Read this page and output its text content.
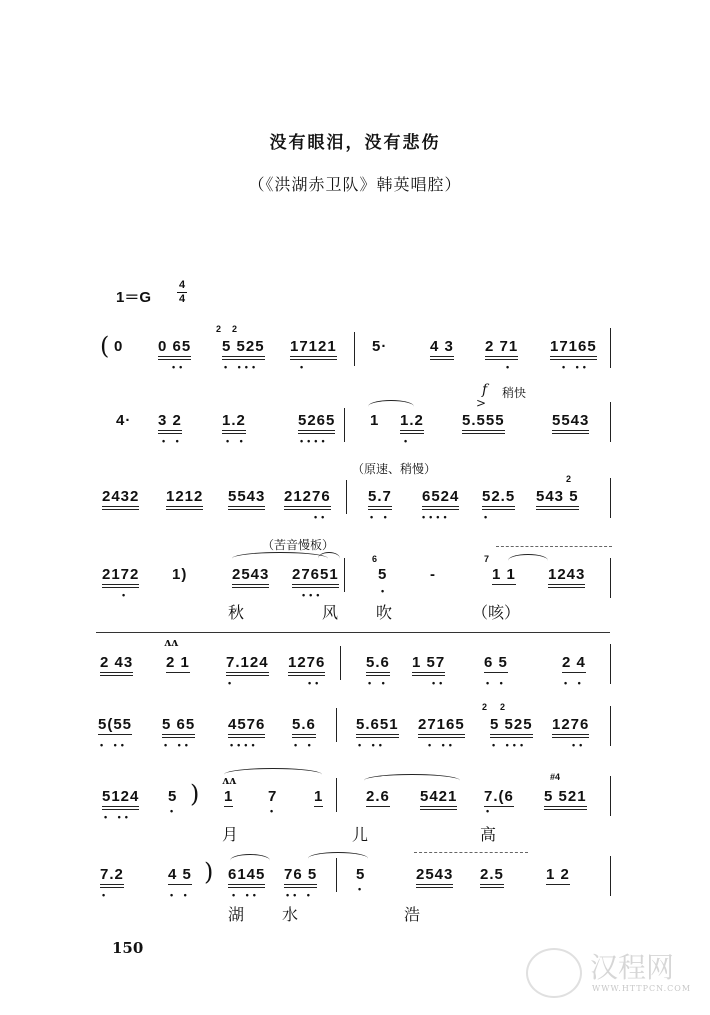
没有眼泪，没有悲伤
（《洪湖赤卫队》韩英唱腔）
1＝G
4
4
( 0 0 65
••
2 2
5 525
• •••
17121
•
5·	4 3 2 71
•
17165
• ••
f 稍快
>
4· 3 2
• •
1.2
• •
5265
••••
1 1.2
•
5.555	5543
（原速、稍慢）
2432 1212 5543 21276
••
5.7
• •
6524
••••
52.5
•
2
543 5
（苦音慢板）
2172
•
1)	2543 27651
•••
6
5
•
-
7
1 1 1243
秋	风 吹	（咳）
ʌʌ
2 43 2 1 7.124
•
1276
••
5.6
• •
1 57
••
6 5
• •
2 4
• •
5(55
• ••
5 65
• ••
4576
••••
5.6
• •
5.651
• ••
27165
• ••
2 2
5 525
• •••
1276
••
ʌʌ
5124
• ••
5
•
) 1 7
•
1	2.6 5421 7.(6
•
#4
5 521
月	儿	高
7.2
•
4 5
• •
) 6145
• ••
76 5
•• •
5
•
2543 2.5	1 2
湖 水	浩
150
汉程网
WWW.HTTPCN.COM
